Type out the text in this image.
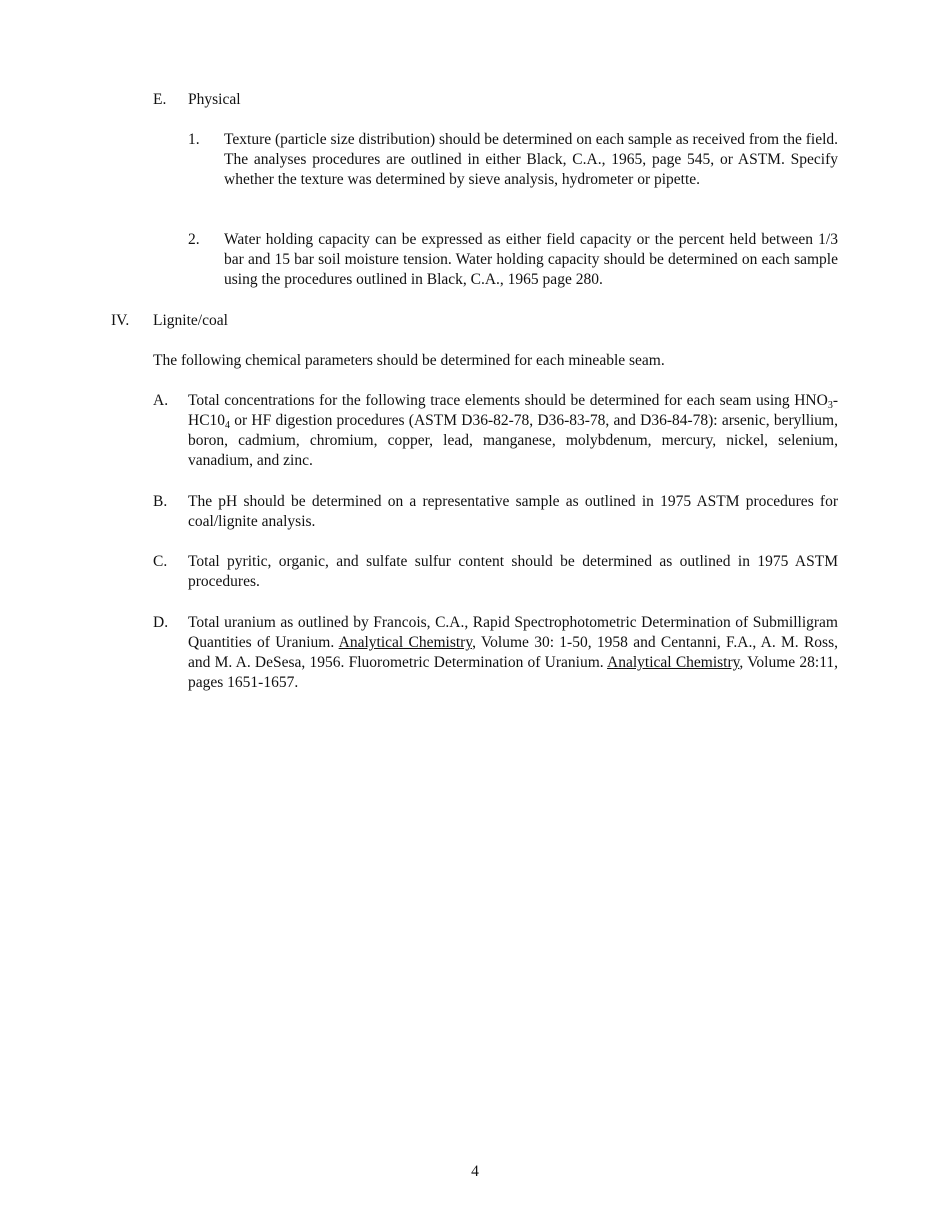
E.	Physical
1.	Texture (particle size distribution) should be determined on each sample as received from the field. The analyses procedures are outlined in either Black, C.A., 1965, page 545, or ASTM. Specify whether the texture was determined by sieve analysis, hydrometer or pipette.
2.	Water holding capacity can be expressed as either field capacity or the percent held between 1/3 bar and 15 bar soil moisture tension. Water holding capacity should be determined on each sample using the procedures outlined in Black, C.A., 1965 page 280.
IV.	Lignite/coal
The following chemical parameters should be determined for each mineable seam.
A.	Total concentrations for the following trace elements should be determined for each seam using $HNO_3-HC10_4$ or HF digestion procedures (ASTM D36-82-78, D36-83-78, and D36-84-78): arsenic, beryllium, boron, cadmium, chromium, copper, lead, manganese, molybdenum, mercury, nickel, selenium, vanadium, and zinc.
B.	The pH should be determined on a representative sample as outlined in 1975 ASTM procedures for coal/lignite analysis.
C.	Total pyritic, organic, and sulfate sulfur content should be determined as outlined in 1975 ASTM procedures.
D.	Total uranium as outlined by Francois, C.A., Rapid Spectrophotometric Determination of Submilligram Quantities of Uranium. Analytical Chemistry, Volume 30: 1-50, 1958 and Centanni, F.A., A. M. Ross, and M. A. DeSesa, 1956. Fluorometric Determination of Uranium. Analytical Chemistry, Volume 28:11, pages 1651-1657.
4
